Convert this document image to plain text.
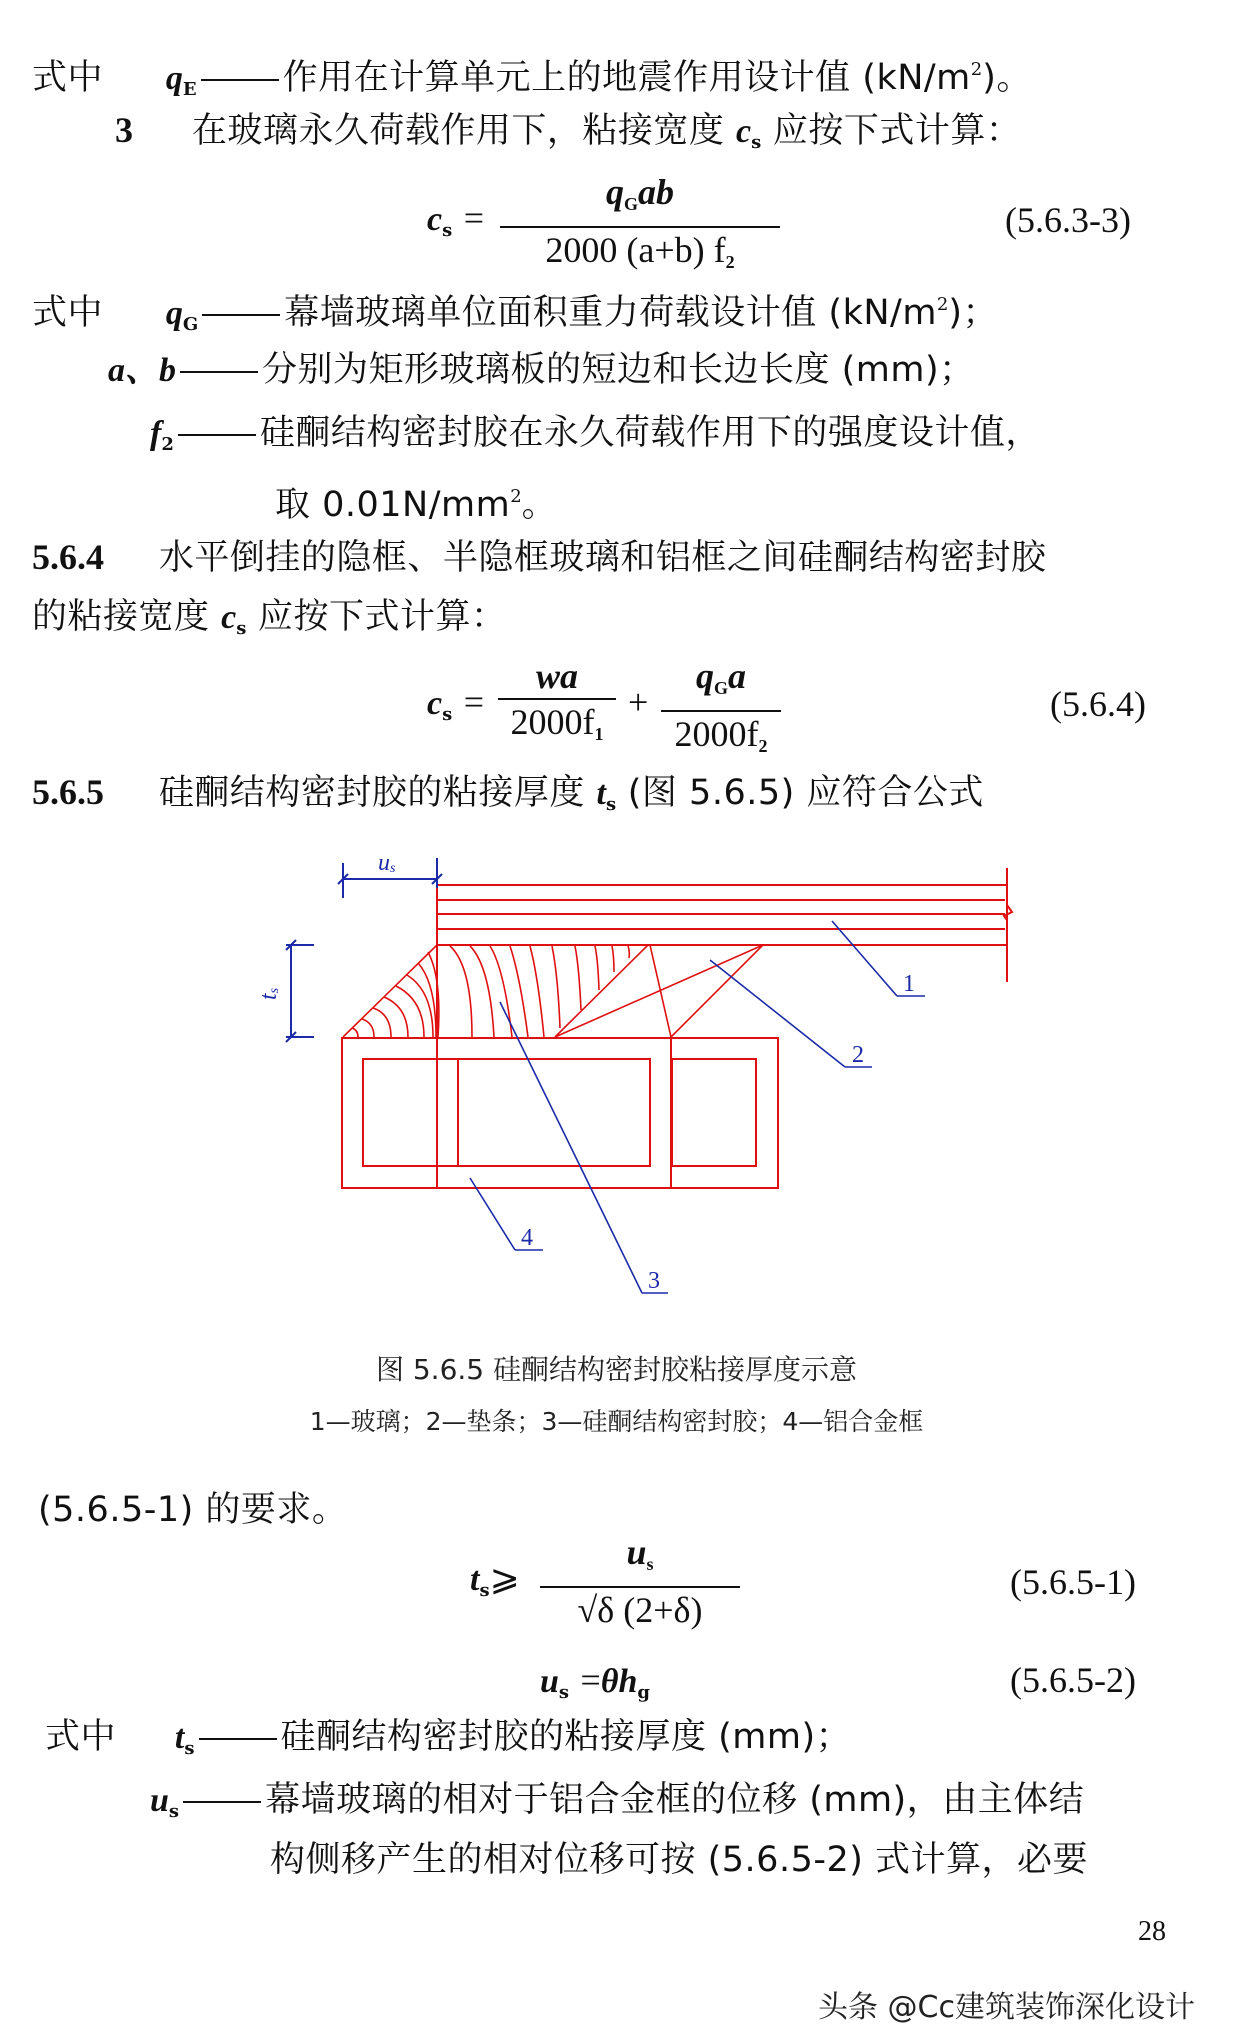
式中 $q_E$ 作用在计算单元上的地震作用设计值 $(kN/m^2)$。
3 在玻璃永久荷载作用下，粘接宽度 $c_s$ 应按下式计算：
$c_s$ =
$q_Gab$
2000 (a+b) $f_2$
(5.6.3-3)
式中 $q_G$ 幕墙玻璃单位面积重力荷载设计值 $(kN/m^2)$；
a、b 分别为矩形玻璃板的短边和长边长度 (mm)；
$f_2$ 硅酮结构密封胶在永久荷载作用下的强度设计值，
取 $0.01N/mm^2$。
5.6.4 水平倒挂的隐框、半隐框玻璃和铝框之间硅酮结构密封胶
的粘接宽度 $c_s$ 应按下式计算：
$c_s$ =
wa
$2000f_1$
+
$q_Ga$
$2000f_2$
(5.6.4)
5.6.5 硅酮结构密封胶的粘接厚度 $t_s$ (图 5.6.5) 应符合公式
1
2
3
4
us
ts
图 5.6.5 硅酮结构密封胶粘接厚度示意
1—玻璃；2—垫条；3—硅酮结构密封胶；4—铝合金框
(5.6.5-1) 的要求。
$t_s⩾$
$u_s$
√δ (2+δ)
(5.6.5-1)
$u_s =\theta h_g$	(5.6.5-2)
式中 $t_s$ 硅酮结构密封胶的粘接厚度 (mm)；
$u_s$ 幕墙玻璃的相对于铝合金框的位移 (mm)，由主体结
构侧移产生的相对位移可按 (5.6.5-2) 式计算，必要
28
头条 @Cc建筑装饰深化设计
